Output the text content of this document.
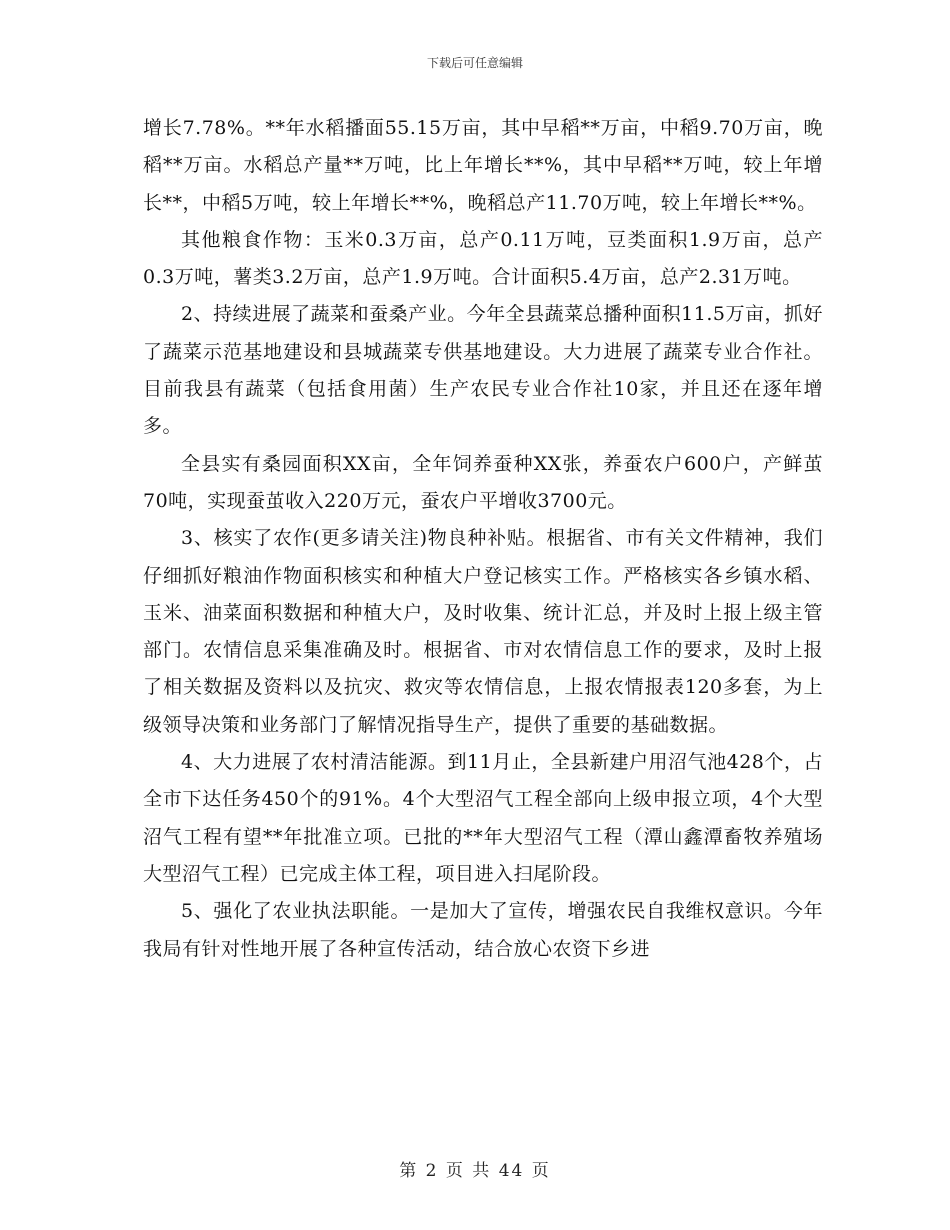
下载后可任意编辑

增长7.78%。**年水稻播面55.15万亩，其中早稻**万亩，中稻9.70万亩，晚稻**万亩。水稻总产量**万吨，比上年增长**%，其中早稻**万吨，较上年增长**，中稻5万吨，较上年增长**%，晚稻总产11.70万吨，较上年增长**%。

其他粮食作物：玉米0.3万亩，总产0.11万吨，豆类面积1.9万亩，总产0.3万吨，薯类3.2万亩，总产1.9万吨。合计面积5.4万亩，总产2.31万吨。

2、持续进展了蔬菜和蚕桑产业。今年全县蔬菜总播种面积11.5万亩，抓好了蔬菜示范基地建设和县城蔬菜专供基地建设。大力进展了蔬菜专业合作社。目前我县有蔬菜（包括食用菌）生产农民专业合作社10家，并且还在逐年增多。

全县实有桑园面积XX亩，全年饲养蚕种XX张，养蚕农户600户，产鲜茧70吨，实现蚕茧收入220万元，蚕农户平增收3700元。

3、核实了农作(更多请关注)物良种补贴。根据省、市有关文件精神，我们仔细抓好粮油作物面积核实和种植大户登记核实工作。严格核实各乡镇水稻、玉米、油菜面积数据和种植大户，及时收集、统计汇总，并及时上报上级主管部门。农情信息采集准确及时。根据省、市对农情信息工作的要求，及时上报了相关数据及资料以及抗灾、救灾等农情信息，上报农情报表120多套，为上级领导决策和业务部门了解情况指导生产，提供了重要的基础数据。

4、大力进展了农村清洁能源。到11月止，全县新建户用沼气池428个，占全市下达任务450个的91%。4个大型沼气工程全部向上级申报立项，4个大型沼气工程有望**年批准立项。已批的**年大型沼气工程（潭山鑫潭畜牧养殖场大型沼气工程）已完成主体工程，项目进入扫尾阶段。

5、强化了农业执法职能。一是加大了宣传，增强农民自我维权意识。今年我局有针对性地开展了各种宣传活动，结合放心农资下乡进

第 2 页 共 44 页
